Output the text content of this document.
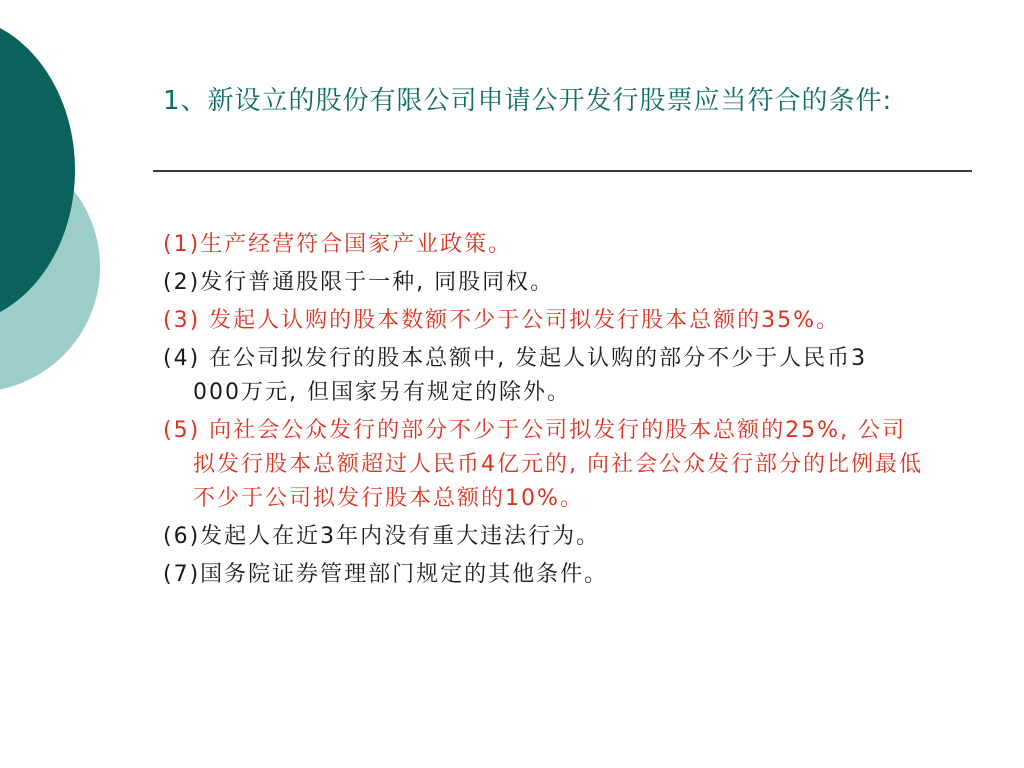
1、新设立的股份有限公司申请公开发行股票应当符合的条件:
(1)生产经营符合国家产业政策。
(2)发行普通股限于一种, 同股同权。
(3) 发起人认购的股本数额不少于公司拟发行股本总额的35%。
(4) 在公司拟发行的股本总额中, 发起人认购的部分不少于人民币3 000万元, 但国家另有规定的除外。
(5) 向社会公众发行的部分不少于公司拟发行的股本总额的25%, 公司拟发行股本总额超过人民币4亿元的, 向社会公众发行部分的比例最低不少于公司拟发行股本总额的10%。
(6)发起人在近3年内没有重大违法行为。
(7)国务院证券管理部门规定的其他条件。
